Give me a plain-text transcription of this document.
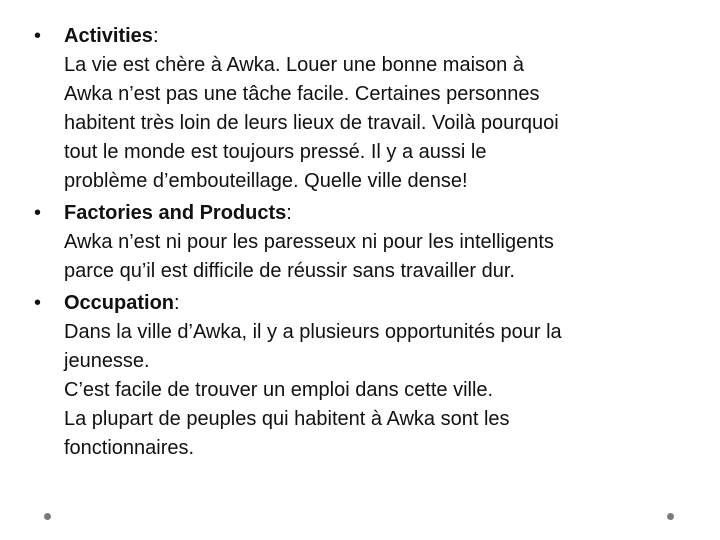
• Activities:
La vie est chère à Awka. Louer une bonne maison à
Awka n’est pas une tâche facile. Certaines personnes
habitent très loin de leurs lieux de travail. Voilà pourquoi
tout le monde est toujours pressé. Il y a aussi le
problème d’embouteillage. Quelle ville dense!
• Factories and Products:
Awka n’est ni pour les paresseux ni pour les intelligents
parce qu’il est difficile de réussir sans travailler dur.
• Occupation:
Dans la ville d’Awka, il y a plusieurs opportunités pour la
jeunesse.
C’est facile de trouver un emploi dans cette ville.
La plupart de peuples qui habitent à Awka sont les
fonctionnaires.
